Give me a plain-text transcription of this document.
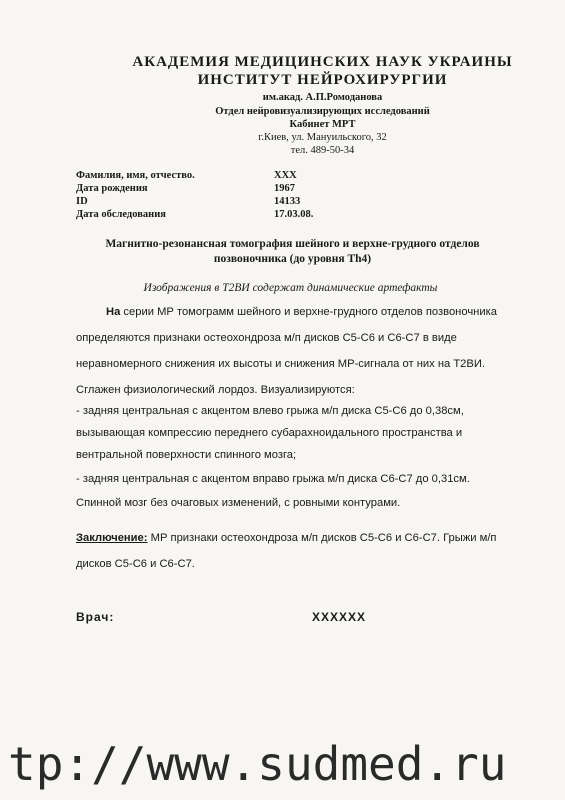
АКАДЕМИЯ МЕДИЦИНСКИХ НАУК УКРАИНЫ
ИНСТИТУТ НЕЙРОХИРУРГИИ
им.акад. А.П.Ромоданова
Отдел нейровизуализирующих исследований
Кабинет МРТ
г.Киев, ул. Мануильского, 32
тел. 489-50-34
Фамилия, имя, отчество.	XXX
Дата рождения	1967
ID	14133
Дата обследования	17.03.08.
Магнитно-резонансная томография шейного и верхне-грудного отделов
позвоночника (до уровня Th4)
Изображения в Т2ВИ содержат динамические артефакты

На серии МР томограмм шейного и верхне-грудного отделов позвоночника

определяются признаки остеохондроза м/п дисков С5-С6 и С6-С7 в виде

неравномерного снижения их высоты и снижения МР-сигнала от них на Т2ВИ.

Сглажен физиологический лордоз. Визуализируются:

- задняя центральная с акцентом влево грыжа м/п диска С5-С6 до 0,38см,

вызывающая компрессию переднего субарахноидального пространства и

вентральной поверхности спинного мозга;

- задняя центральная с акцентом вправо грыжа м/п диска С6-С7 до 0,31см.

Спинной мозг без очаговых изменений, с ровными контурами.

Заключение: МР признаки остеохондроза м/п дисков С5-С6 и С6-С7. Грыжи м/п
дисков С5-С6 и С6-С7.
Врач:	XXXXXX
tp://www.sudmed.ru
